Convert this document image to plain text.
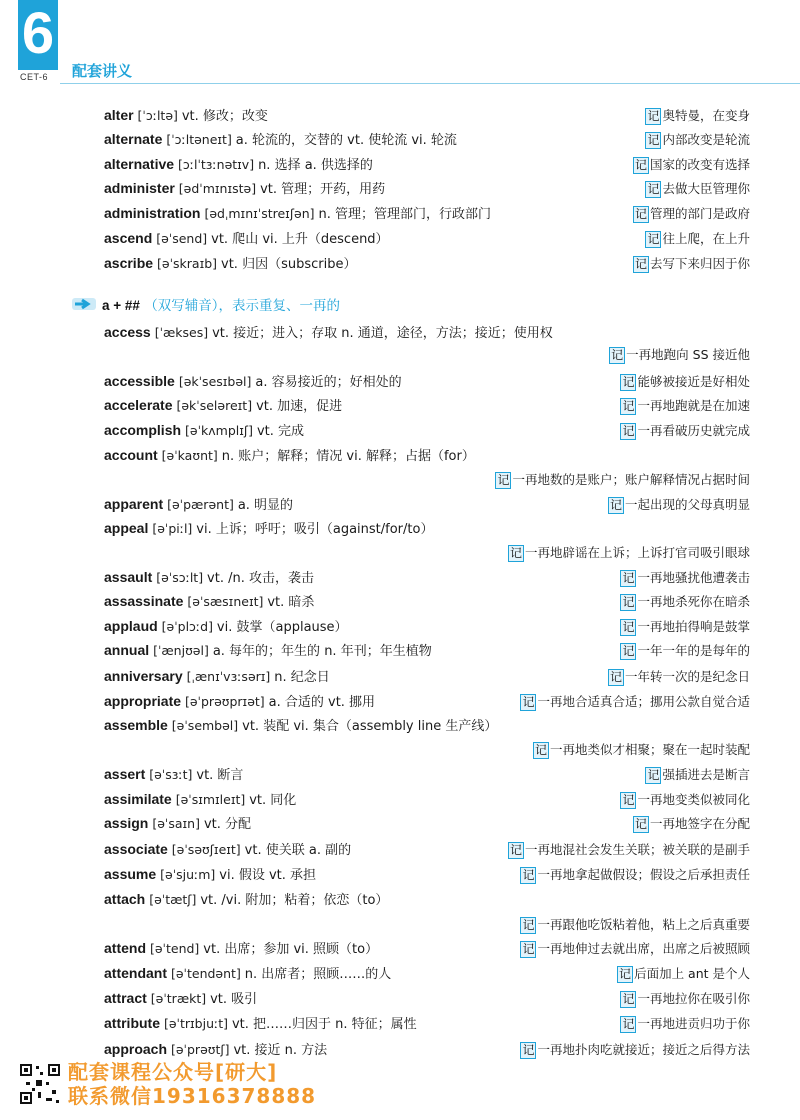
6
CET-6 配套讲义
a + ## （双写辅音），表示重复、一再的
alter [ˈɔːltə] vt. 修改；改变	记 奥特曼，在变身
alternate [ˈɔːltəneɪt] a. 轮流的，交替的 vt. 使轮流 vi. 轮流	记 内部改变是轮流
alternative [ɔːlˈtɜːnətɪv] n. 选择 a. 供选择的	记 国家的改变有选择
administer [ədˈmɪnɪstə] vt. 管理；开药，用药	记 去做大臣管理你
administration [ədˌmɪnɪˈstreɪʃən] n. 管理；管理部门，行政部门	记 管理的部门是政府
ascend [əˈsend] vt. 爬山 vi. 上升（descend）	记 往上爬，在上升
ascribe [əˈskraɪb] vt. 归因（subscribe）	记 去写下来归因于你
access [ˈækses] vt. 接近；进入；存取 n. 通道，途径，方法；接近；使用权
记 一再地跑向 SS 接近他
accessible [əkˈsesɪbəl] a. 容易接近的；好相处的	记 能够被接近是好相处
accelerate [əkˈseləreɪt] vt. 加速，促进	记 一再地跑就是在加速
accomplish [əˈkʌmplɪʃ] vt. 完成	记 一再看破历史就完成
account [əˈkaʊnt] n. 账户；解释；情况 vi. 解释；占据（for）
记 一再地数的是账户；账户解释情况占据时间
apparent [əˈpærənt] a. 明显的	记 一起出现的父母真明显
appeal [əˈpiːl] vi. 上诉；呼吁；吸引（against/for/to）
记 一再地辟谣在上诉；上诉打官司吸引眼球
assault [əˈsɔːlt] vt. /n. 攻击，袭击	记 一再地骚扰他遭袭击
assassinate [əˈsæsɪneɪt] vt. 暗杀	记 一再地杀死你在暗杀
applaud [əˈplɔːd] vi. 鼓掌（applause）	记 一再地拍得响是鼓掌
annual [ˈænjʊəl] a. 每年的；年生的 n. 年刊；年生植物	记 一年一年的是每年的
anniversary [ˌænɪˈvɜːsərɪ] n. 纪念日	记 一年转一次的是纪念日
appropriate [əˈprəʊprɪət] a. 合适的 vt. 挪用	记 一再地合适真合适；挪用公款自觉合适
assemble [əˈsembəl] vt. 装配 vi. 集合（assembly line 生产线）
记 一再地类似才相聚；聚在一起时装配
assert [əˈsɜːt] vt. 断言	记 强插进去是断言
assimilate [əˈsɪmɪleɪt] vt. 同化	记 一再地变类似被同化
assign [əˈsaɪn] vt. 分配	记 一再地签字在分配
associate [əˈsəʊʃɪeɪt] vt. 使关联 a. 副的	记 一再地混社会发生关联；被关联的是副手
assume [əˈsjuːm] vi. 假设 vt. 承担	记 一再地拿起做假设；假设之后承担责任
attach [əˈtætʃ] vt. /vi. 附加；粘着；依恋（to）
记 一再跟他吃饭粘着他，粘上之后真重要
attend [əˈtend] vt. 出席；参加 vi. 照顾（to）	记 一再地伸过去就出席，出席之后被照顾
attendant [əˈtendənt] n. 出席者；照顾……的人	记 后面加上 ant 是个人
attract [əˈtrækt] vt. 吸引	记 一再地拉你在吸引你
attribute [əˈtrɪbjuːt] vt. 把……归因于 n. 特征；属性	记 一再地进贡归功于你
approach [əˈprəʊtʃ] vt. 接近 n. 方法	记 一再地扑肉吃就接近；接近之后得方法
配套课程公众号[研大]
联系微信19316378888
